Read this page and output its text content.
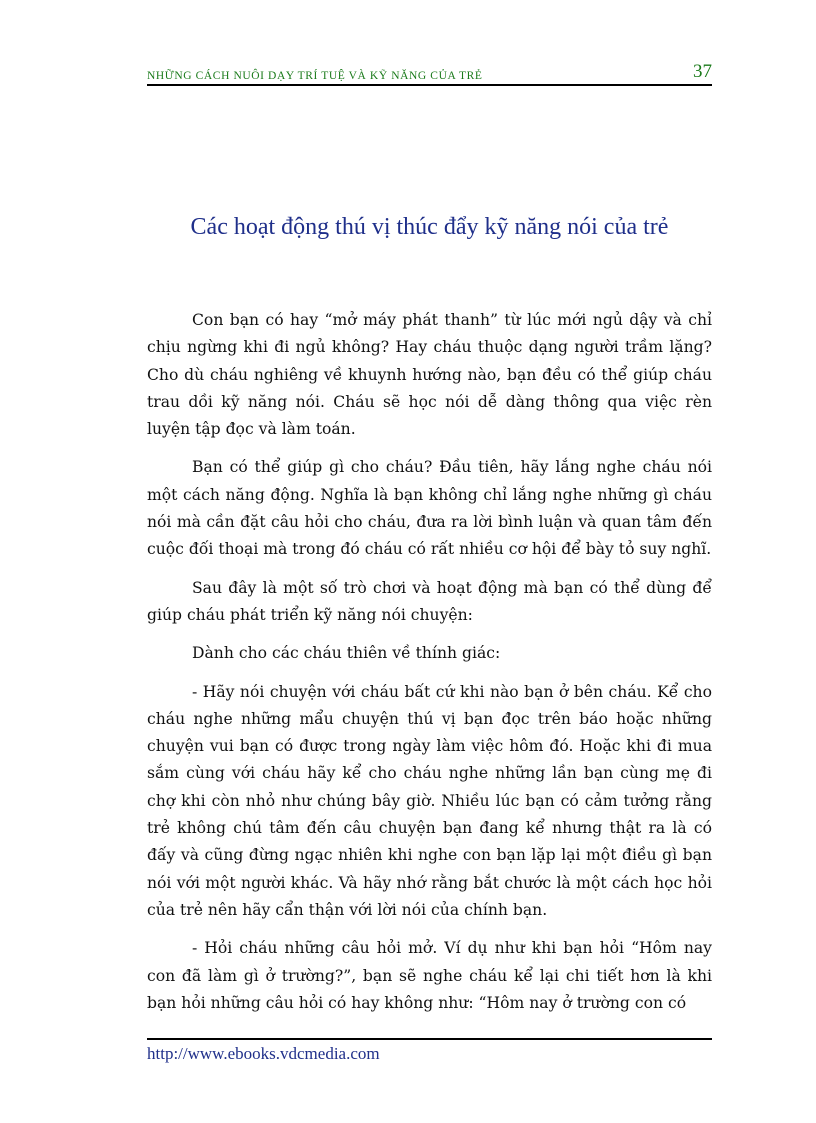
NHỮNG CÁCH NUÔI DẠY TRÍ TUỆ VÀ KỸ NĂNG CỦA TRẺ	37
Các hoạt động thú vị thúc đẩy kỹ năng nói của trẻ

Con bạn có hay “mở máy phát thanh” từ lúc mới ngủ dậy và chỉ chịu ngừng khi đi ngủ không? Hay cháu thuộc dạng người trầm lặng? Cho dù cháu nghiêng về khuynh hướng nào, bạn đều có thể giúp cháu trau dồi kỹ năng nói. Cháu sẽ học nói dễ dàng thông qua việc rèn luyện tập đọc và làm toán.

Bạn có thể giúp gì cho cháu? Đầu tiên, hãy lắng nghe cháu nói một cách năng động. Nghĩa là bạn không chỉ lắng nghe những gì cháu nói mà cần đặt câu hỏi cho cháu, đưa ra lời bình luận và quan tâm đến cuộc đối thoại mà trong đó cháu có rất nhiều cơ hội để bày tỏ suy nghĩ.

Sau đây là một số trò chơi và hoạt động mà bạn có thể dùng để giúp cháu phát triển kỹ năng nói chuyện:

Dành cho các cháu thiên về thính giác:

- Hãy nói chuyện với cháu bất cứ khi nào bạn ở bên cháu. Kể cho cháu nghe những mẩu chuyện thú vị bạn đọc trên báo hoặc những chuyện vui bạn có được trong ngày làm việc hôm đó. Hoặc khi đi mua sắm cùng với cháu hãy kể cho cháu nghe những lần bạn cùng mẹ đi chợ khi còn nhỏ như chúng bây giờ. Nhiều lúc bạn có cảm tưởng rằng trẻ không chú tâm đến câu chuyện bạn đang kể nhưng thật ra là có đấy và cũng đừng ngạc nhiên khi nghe con bạn lặp lại một điều gì bạn nói với một người khác. Và hãy nhớ rằng bắt chước là một cách học hỏi của trẻ nên hãy cẩn thận với lời nói của chính bạn.

- Hỏi cháu những câu hỏi mở. Ví dụ như khi bạn hỏi “Hôm nay con đã làm gì ở trường?”, bạn sẽ nghe cháu kể lại chi tiết hơn là khi bạn hỏi những câu hỏi có hay không như: “Hôm nay ở trường con có

http://www.ebooks.vdcmedia.com
